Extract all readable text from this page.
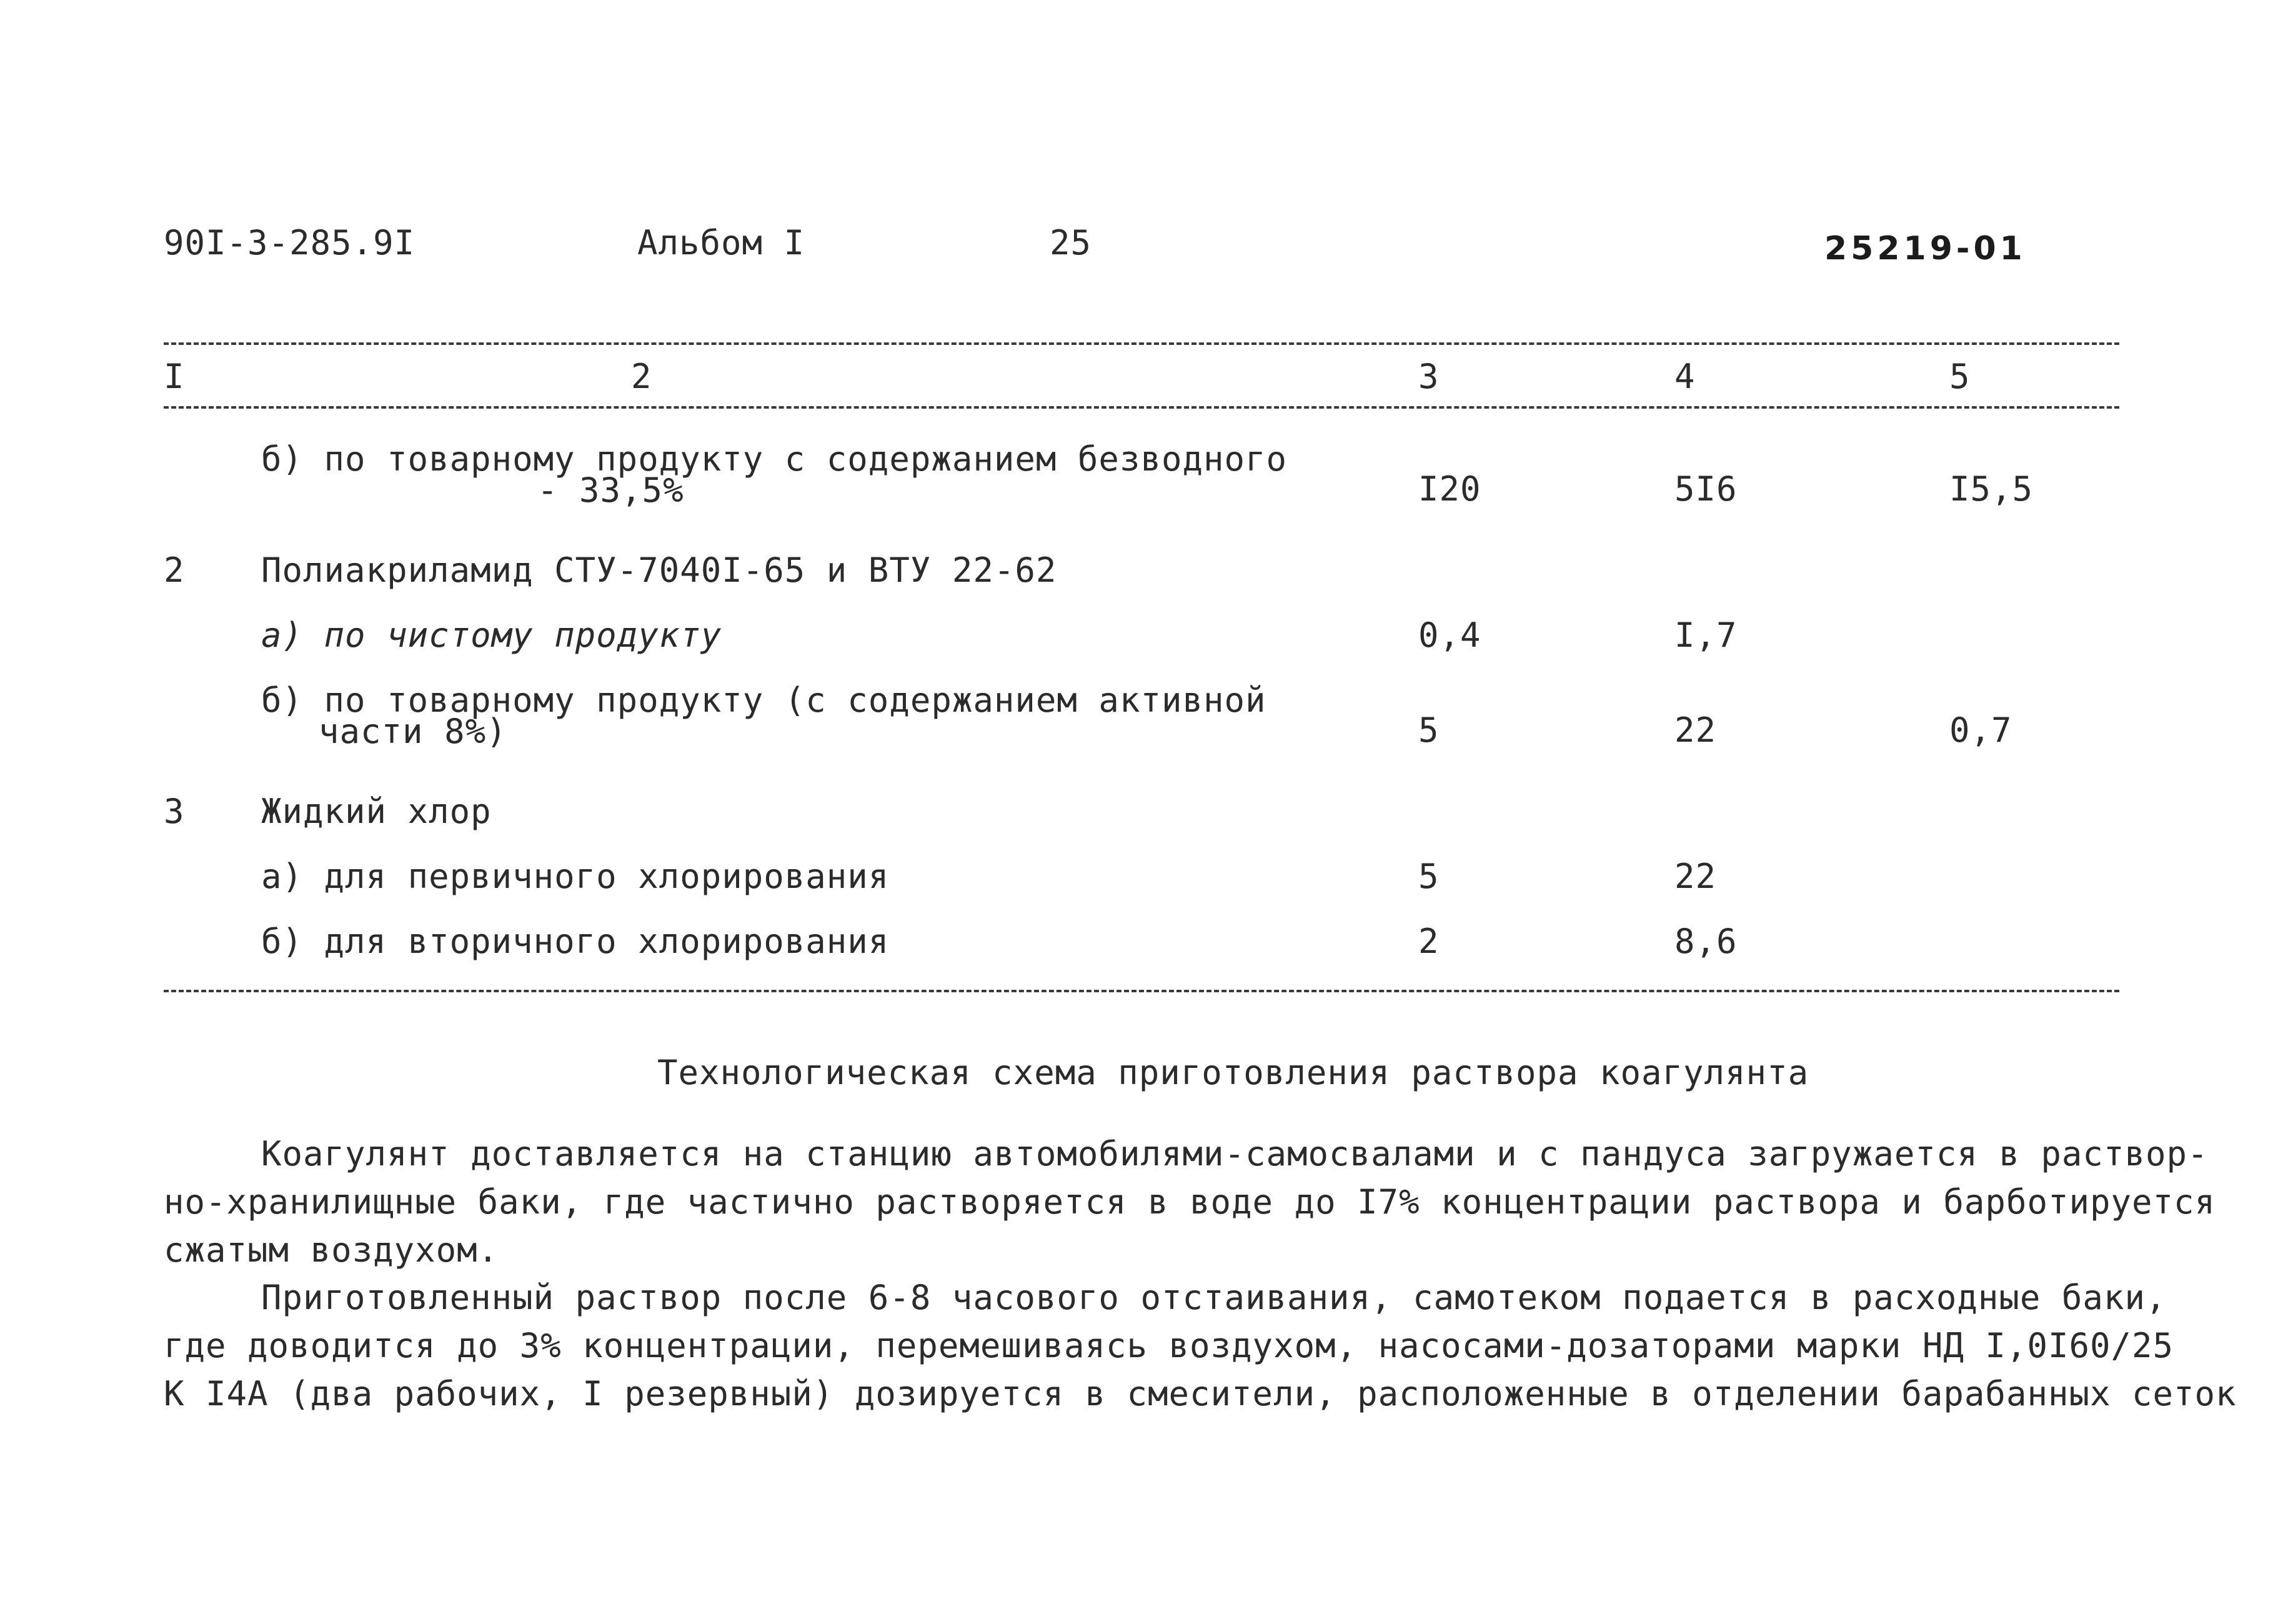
90I-3-285.9I	Альбом I	25	25219-01
I	2	3	4	5
б) по товарному продукту с содержанием безводного
- 33,5%	I20	5I6	I5,5
2 Полиакриламид СТУ-7040I-65 и ВТУ 22-62
а) по чистому продукту	0,4	I,7
б) по товарному продукту (с содержанием активной
части 8%)	5	22	0,7
3 Жидкий хлор
а) для первичного хлорирования	5	22
б) для вторичного хлорирования	2	8,6
Технологическая схема приготовления раствора коагулянта
Коагулянт доставляется на станцию автомобилями-самосвалами и с пандуса загружается в раствор-
но-хранилищные баки, где частично растворяется в воде до I7% концентрации раствора и барботируется
сжатым воздухом.
Приготовленный раствор после 6-8 часового отстаивания, самотеком подается в расходные баки,
где доводится до 3% концентрации, перемешиваясь воздухом, насосами-дозаторами марки НД I,0I60/25
К I4А (два рабочих, I резервный) дозируется в смесители, расположенные в отделении барабанных сеток
